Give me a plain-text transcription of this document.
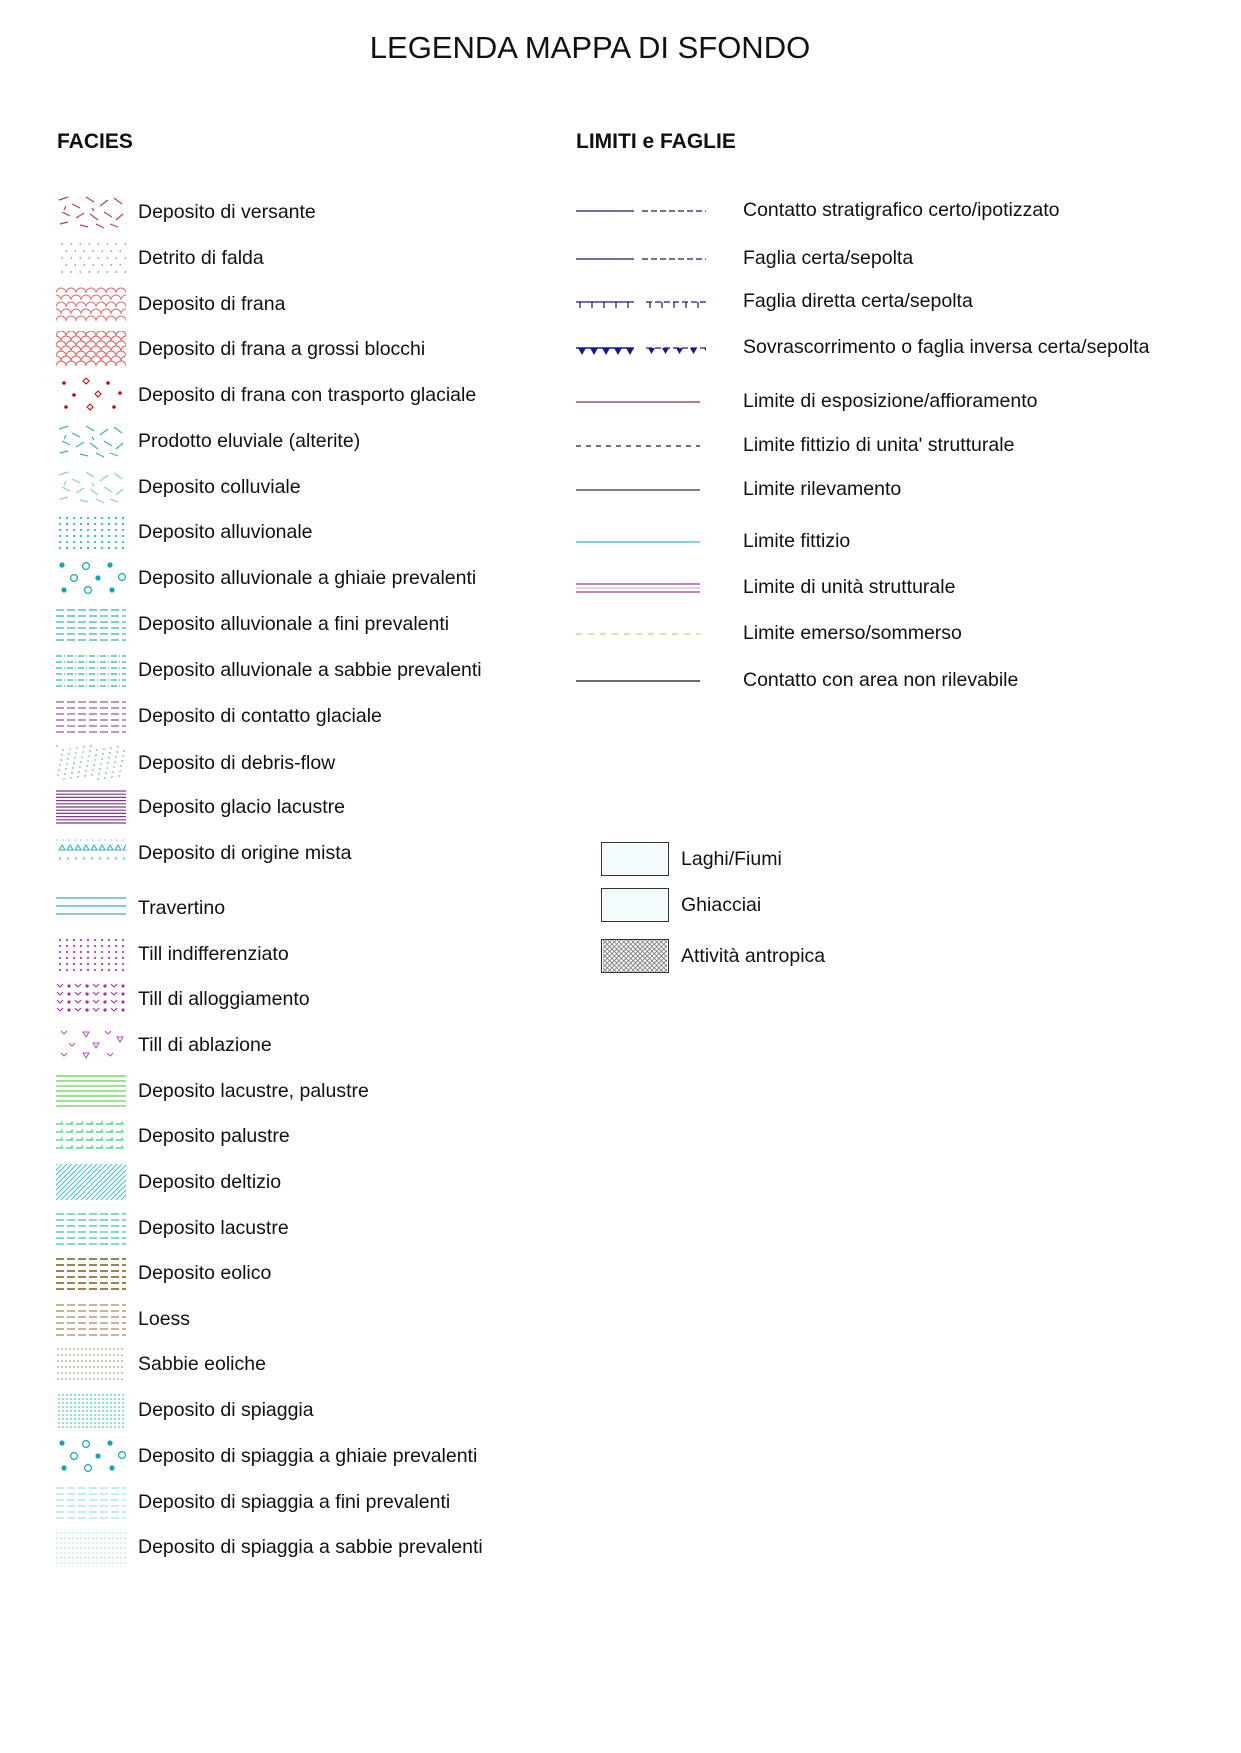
LEGENDA MAPPA DI SFONDO
FACIES	LIMITI e FAGLIE
Deposito di versante
Detrito di falda
Deposito di frana
Deposito di frana a grossi blocchi
Deposito di frana con trasporto glaciale
Prodotto eluviale (alterite)
Deposito colluviale
Deposito alluvionale
Deposito alluvionale a ghiaie prevalenti
Deposito alluvionale a fini prevalenti
Deposito alluvionale a sabbie prevalenti
Deposito di contatto glaciale
Deposito di debris-flow
Deposito glacio lacustre
Deposito di origine mista
Travertino
Till indifferenziato
Till di alloggiamento
Till di ablazione
Deposito lacustre, palustre
Deposito palustre
Deposito deltizio
Deposito lacustre
Deposito eolico
Loess
Sabbie eoliche
Deposito di spiaggia
Deposito di spiaggia a ghiaie prevalenti
Deposito di spiaggia a fini prevalenti
Deposito di spiaggia a sabbie prevalenti
Contatto stratigrafico certo/ipotizzato
Faglia certa/sepolta
Faglia diretta certa/sepolta
Sovrascorrimento o faglia inversa certa/sepolta
Limite di esposizione/affioramento
Limite fittizio di unita' strutturale
Limite rilevamento
Limite fittizio
Limite di unità strutturale
Limite emerso/sommerso
Contatto con area non rilevabile
Laghi/Fiumi
Ghiacciai
Attività antropica
